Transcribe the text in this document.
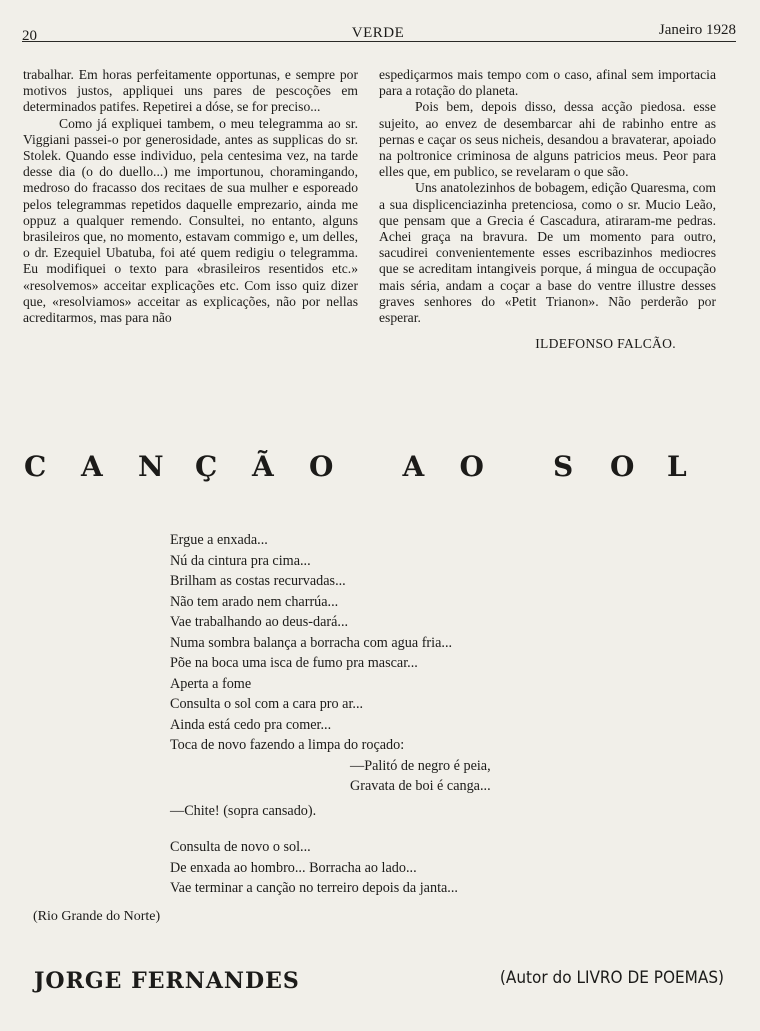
20	VERDE	Janeiro 1928

trabalhar. Em horas perfeitamente opportunas, e sempre por motivos justos, appliquei uns pares de pescoções em determinados patifes. Repetirei a dóse, se for preciso...

Como já expliquei tambem, o meu telegramma ao sr. Viggiani passei-o por generosidade, antes as supplicas do sr. Stolek. Quando esse individuo, pela centesima vez, na tarde desse dia (o do duello...) me importunou, choramingando, medroso do fracasso dos recitaes de sua mulher e esporeado pelos telegrammas repetidos daquelle emprezario, ainda me oppuz a qualquer remendo. Consultei, no entanto, alguns brasileiros que, no momento, estavam commigo e, um delles, o dr. Ezequiel Ubatuba, foi até quem redigiu o telegramma. Eu modifiquei o texto para «brasileiros resentidos etc.» «resolvemos» acceitar explicações etc. Com isso quiz dizer que, «resolviamos» acceitar as explicações, não por nellas acreditarmos, mas para não

espediçarmos mais tempo com o caso, afinal sem importacia para a rotação do planeta.

Pois bem, depois disso, dessa acção piedosa. esse sujeito, ao envez de desembarcar ahi de rabinho entre as pernas e caçar os seus nicheis, desandou a bravaterar, apoiado na poltronice criminosa de alguns patricios meus. Peor para elles que, em publico, se revelaram o que são.

Uns anatolezinhos de bobagem, edição Quaresma, com a sua displicenciazinha pretenciosa, como o sr. Mucio Leão, que pensam que a Grecia é Cascadura, atiraram-me pedras. Achei graça na bravura. De um momento para outro, sacudirei convenientemente esses escribazinhos mediocres que se acreditam intangiveis porque, á mingua de occupação mais séria, andam a coçar a base do ventre illustre desses graves senhores do «Petit Trianon». Não perderão por esperar.

ILDEFONSO FALCÃO.
C	A	N	Ç	Ã	O	A	O	S	O	L
Ergue a enxada...
Nú da cintura pra cima...
Brilham as costas recurvadas...
Não tem arado nem charrúa...
Vae trabalhando ao deus-dará...
Numa sombra balança a borracha com agua fria...
Põe na boca uma isca de fumo pra mascar...
Aperta a fome
Consulta o sol com a cara pro ar...
Ainda está cedo pra comer...
Toca de novo fazendo a limpa do roçado:
—Palitó de negro é peia,
Gravata de boi é canga...
—Chite! (sopra cansado).
Consulta de novo o sol...
De enxada ao hombro... Borracha ao lado...
Vae terminar a canção no terreiro depois da janta...
(Rio Grande do Norte)
JORGE FERNANDES	(Autor do LIVRO DE POEMAS)
